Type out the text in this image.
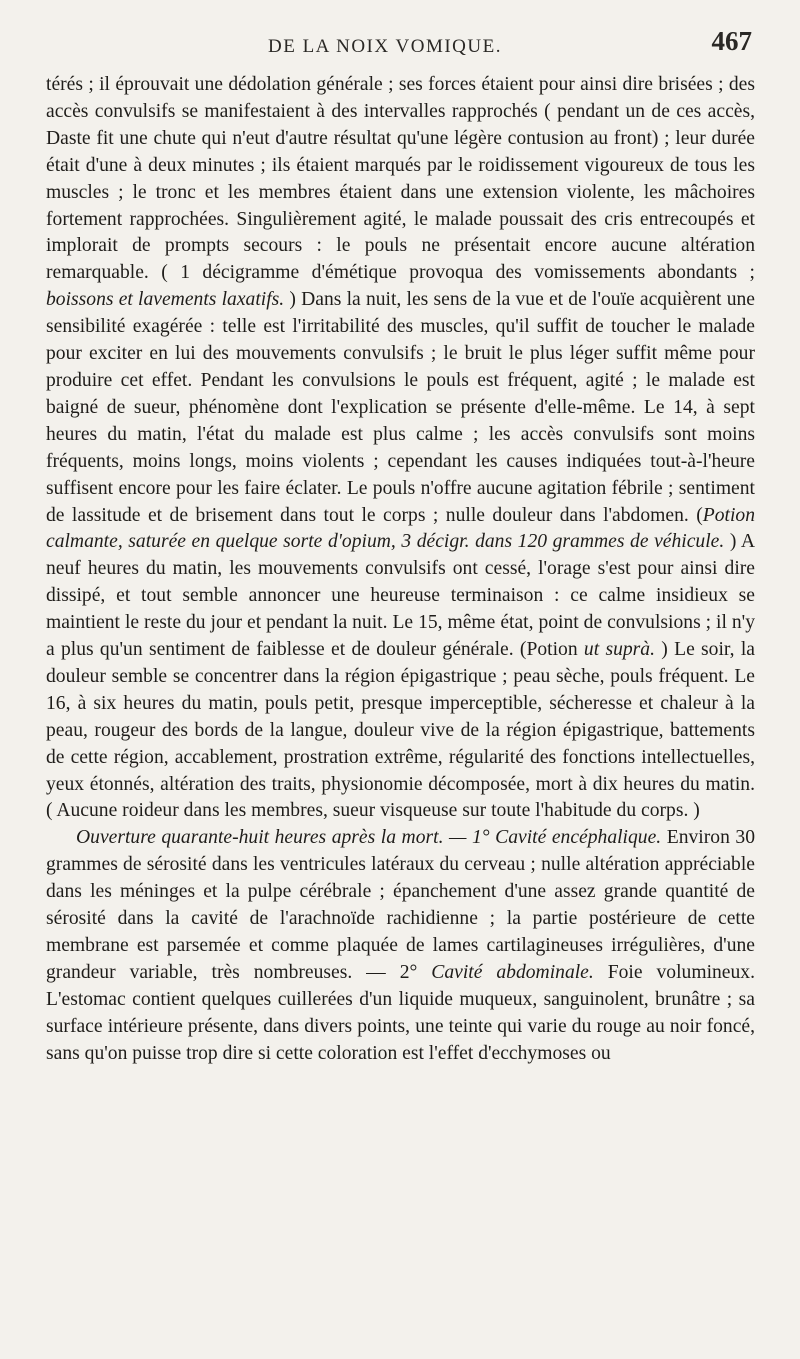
DE LA NOIX VOMIQUE.	467

térés ; il éprouvait une dédolation générale ; ses forces étaient pour ainsi dire brisées ; des accès convulsifs se manifestaient à des intervalles rapprochés ( pendant un de ces accès, Daste fit une chute qui n'eut d'autre résultat qu'une légère contusion au front) ; leur durée était d'une à deux minutes ; ils étaient marqués par le roidissement vigoureux de tous les muscles ; le tronc et les membres étaient dans une extension violente, les mâchoires fortement rapprochées. Singulièrement agité, le malade poussait des cris entrecoupés et implorait de prompts secours : le pouls ne présentait encore aucune altération remarquable. ( 1 décigramme d'émétique provoqua des vomissements abondants ; boissons et lavements laxatifs. ) Dans la nuit, les sens de la vue et de l'ouïe acquièrent une sensibilité exagérée : telle est l'irritabilité des muscles, qu'il suffit de toucher le malade pour exciter en lui des mouvements convulsifs ; le bruit le plus léger suffit même pour produire cet effet. Pendant les convulsions le pouls est fréquent, agité ; le malade est baigné de sueur, phénomène dont l'explication se présente d'elle-même. Le 14, à sept heures du matin, l'état du malade est plus calme ; les accès convulsifs sont moins fréquents, moins longs, moins violents ; cependant les causes indiquées tout-à-l'heure suffisent encore pour les faire éclater. Le pouls n'offre aucune agitation fébrile ; sentiment de lassitude et de brisement dans tout le corps ; nulle douleur dans l'abdomen. (Potion calmante, saturée en quelque sorte d'opium, 3 décigr. dans 120 grammes de véhicule. ) A neuf heures du matin, les mouvements convulsifs ont cessé, l'orage s'est pour ainsi dire dissipé, et tout semble annoncer une heureuse terminaison : ce calme insidieux se maintient le reste du jour et pendant la nuit. Le 15, même état, point de convulsions ; il n'y a plus qu'un sentiment de faiblesse et de douleur générale. (Potion ut suprà. ) Le soir, la douleur semble se concentrer dans la région épigastrique ; peau sèche, pouls fréquent. Le 16, à six heures du matin, pouls petit, presque imperceptible, sécheresse et chaleur à la peau, rougeur des bords de la langue, douleur vive de la région épigastrique, battements de cette région, accablement, prostration extrême, régularité des fonctions intellectuelles, yeux étonnés, altération des traits, physionomie décomposée, mort à dix heures du matin. ( Aucune roideur dans les membres, sueur visqueuse sur toute l'habitude du corps. )

Ouverture quarante-huit heures après la mort. — 1° Cavité encéphalique. Environ 30 grammes de sérosité dans les ventricules latéraux du cerveau ; nulle altération appréciable dans les méninges et la pulpe cérébrale ; épanchement d'une assez grande quantité de sérosité dans la cavité de l'arachnoïde rachidienne ; la partie postérieure de cette membrane est parsemée et comme plaquée de lames cartilagineuses irrégulières, d'une grandeur variable, très nombreuses. — 2° Cavité abdominale. Foie volumineux. L'estomac contient quelques cuillerées d'un liquide muqueux, sanguinolent, brunâtre ; sa surface intérieure présente, dans divers points, une teinte qui varie du rouge au noir foncé, sans qu'on puisse trop dire si cette coloration est l'effet d'ecchymoses ou
